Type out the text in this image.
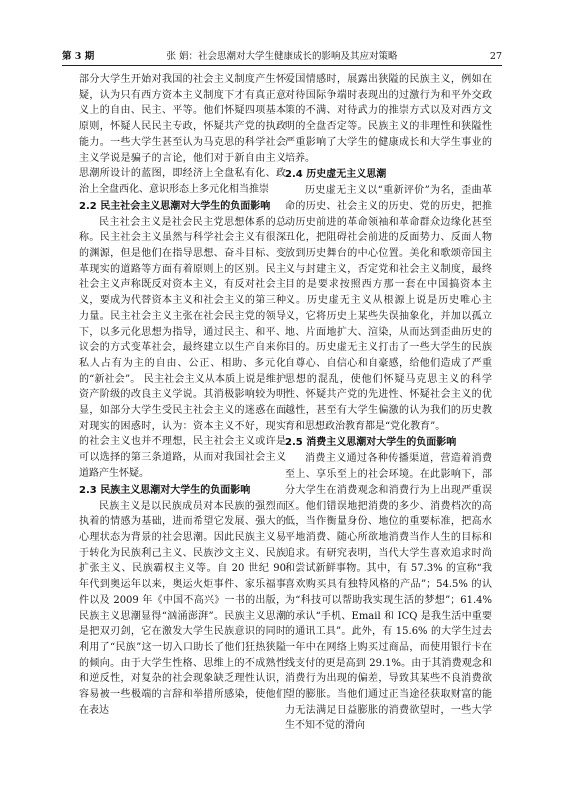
第 3 期	张 娟：社会思潮对大学生健康成长的影响及其应对策略	27

部分大学生开始对我国的社会主义制度产生怀疑，认为只有西方资本主义制度下才有真正意义上的自由、民主、平等。他们怀疑四项基本原则，怀疑人民民主专政，怀疑共产党的执政能力。一些大学生甚至认为马克思的科学社会主义学说是骗子的言论，他们对于新自由主义思潮所设计的蓝图，即经济上全盘私有化、政治上全盘西化、意识形态上多元化相当推崇

2.2 民主社会主义思潮对大学生的负面影响

民主社会主义是社会民主党思想体系的总称。民主社会主义虽然与科学社会主义有很深的渊源，但是他们在指导思想、奋斗目标、变革现实的道路等方面有着原则上的区别。民主社会主义声称既反对资本主义，有反对社会主义，要成为代替资本主义和社会主义的第三种力量。民主社会主义主张在社会民主党的领导下，以多元化思想为指导，通过民主、和平、议会的方式变革社会，最终建立以生产自来你私人占有为主的自由、公正、相助、多元化的“新社会”。 民主社会主义从本质上说是维护资产阶级的改良主义学说。其消极影响较为明显，如部分大学生受民主社会主义的迷惑在面对现实的困惑时，认为：资本主义不好，现实的社会主义也并不理想，民主社会主义或许是可以选择的第三条道路，从而对我国社会主义道路产生怀疑。

2.3 民族主义思潮对大学生的负面影响

民族主义是以民族成员对本民族的强烈而执着的情感为基础，进而希望它发展、强大的心理状态为背景的社会思潮。因此民族主义易于转化为民族利己主义、民族沙文主义、民族扩张主义、民族霸权主义等。自 20 世纪 90 年代到奥运年以来，奥运火炬事件、家乐福事件以及 2009 年《中国不高兴》一书的出版，民族主义思潮显得“汹涌澎湃”。民族主义思潮是把双刃剑，它在激发大学生民族意识的同时利用了“民族”这一切入口助长了他们狂热狭隘的倾向。由于大学生性格、思维上的不成熟性和逆反性，对复杂的社会现象缺乏理性认识，容易被一些极端的言辞和举措所感染，使他们在表达

爱国情感时，展露出狭隘的民族主义，例如在对待国际争端时表现出的过激行为和平外交政策的不满、对待武力的推崇方式以及对西方文明的全盘否定等。民族主义的非理性和狭隘性严重影响了大学生的健康成长和大学生事业的培养。

2.4 历史虚无主义思潮

历史虚无主义以“重新评价”为名，歪曲革命的历史、社会主义的历史、党的历史，把推动历史前进的革命领袖和革命群众边缘化甚至丑化，把阻碍社会前进的反面势力、反面人物放到历史舞台的中心位置。美化和歌颂帝国主义与封建主义，否定党和社会主义制度，最终目的是要求按照西方那一套在中国搞资本主义。历史虚无主义从根源上说是历史唯心主义，它将历史上某些失误抽象化，并加以孤立地、片面地扩大、渲染，从而达到歪曲历史的目的。历史虚无主义打击了一些大学生的民族自尊心、自信心和自豪感，给他们造成了严重思想的混乱，使他们怀疑马克思主义的科学性、怀疑共产党的先进性、怀疑社会主义的优越性，甚至有大学生偏激的认为我们的历史教育和思想政治教育都是“党化教育”。

2.5 消费主义思潮对大学生的负面影响

消费主义通过各种传播渠道，营造着消费至上、享乐至上的社会环境。在此影响下，部分大学生在消费观念和消费行为上出现严重误区。他们错误地把消费的多少、消费档次的高低，当作衡量身份、地位的重要标准，把高水平地消费、随心所欲地消费当作人生的目标和追求。有研究表明，当代大学生喜欢追求时尚和尝试新鲜事物。其中，有 57.3% 的宣称“我喜欢购买具有独特风格的产品”；54.5% 的认为“科技可以帮助我实现生活的梦想”；61.4% 的承认“手机、Email 和 ICQ 是我生活中重要的通讯工具”。此外，有 15.6% 的大学生过去一年中在网络上购买过商品，而使用银行卡在线支付的更是高到 29.1%。由于其消费观念和消费行为出现的偏差，导致其某些不良消费欲望的膨胀。当他们通过正当途径获取财富的能力无法满足日益膨胀的消费欲望时，一些大学生不知不觉的滑向
